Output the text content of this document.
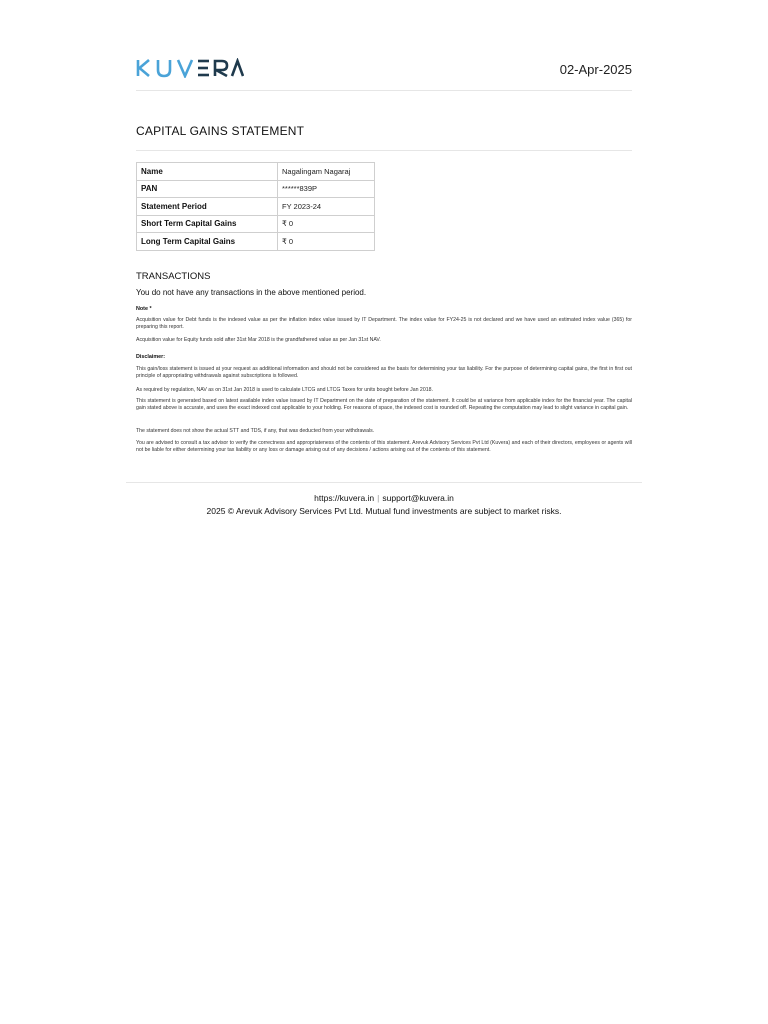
02-Apr-2025
CAPITAL GAINS STATEMENT
Name	Nagalingam Nagaraj
PAN	******839P
Statement Period	FY 2023-24
Short Term Capital Gains	₹ 0
Long Term Capital Gains	₹ 0
TRANSACTIONS
You do not have any transactions in the above mentioned period.
Note *
Acquisition value for Debt funds is the indexed value as per the inflation index value issued by IT Department. The index value for FY24-25 is not declared and we have used an estimated index value (365) for preparing this report.
Acquisition value for Equity funds sold after 31st Mar 2018 is the grandfathered value as per Jan 31st NAV.
Disclaimer:
This gain/loss statement is issued at your request as additional information and should not be considered as the basis for determining your tax liability. For the purpose of determining capital gains, the first in first out principle of appropriating withdrawals against subscriptions is followed.
As required by regulation, NAV as on 31st Jan 2018 is used to calculate LTCG and LTCG Taxes for units bought before Jan 2018.
This statement is generated based on latest available index value issued by IT Department on the date of preparation of the statement. It could be at variance from applicable index for the financial year. The capital gain stated above is accurate, and uses the exact indexed cost applicable to your holding. For reasons of space, the indexed cost is rounded off. Repeating the computation may lead to slight variance in capital gain.
The statement does not show the actual STT and TDS, if any, that was deducted from your withdrawals.
You are advised to consult a tax advisor to verify the correctness and appropriateness of the contents of this statement. Arevuk Advisory Services Pvt Ltd (Kuvera) and each of their directors, employees or agents will not be liable for either determining your tax liability or any loss or damage arising out of any decisions / actions arising out of the contents of this statement.
https://kuvera.in | support@kuvera.in
2025 © Arevuk Advisory Services Pvt Ltd. Mutual fund investments are subject to market risks.
